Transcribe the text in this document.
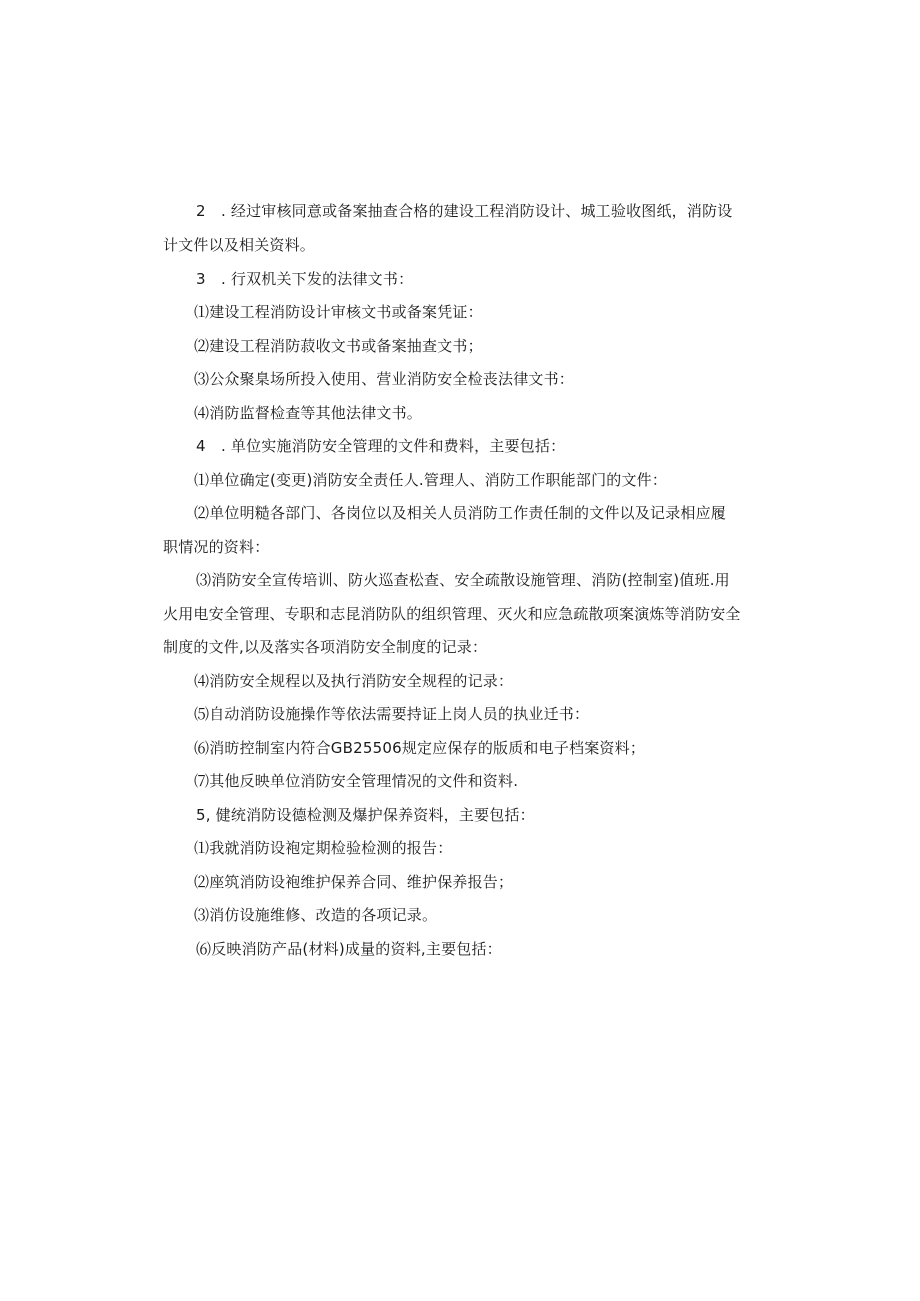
2　. 经过审核同意或备案抽查合格的建设工程消防设计、城工验收图纸，消防设
计文件以及相关资料。
3　. 行双机关下发的法律文书：
⑴建设工程消防设计审核文书或备案凭证：
⑵建设工程消防菽收文书或备案抽查文书；
⑶公众聚臬场所投入使用、营业消防安全检丧法律文书：
⑷消防监督检查等其他法律文书。
4　. 单位实施消防安全管理的文件和费料，主要包括：
⑴单位确定(变更)消防安全责任人.管理人、消防工作职能部门的文件：
⑵单位明糙各部门、各岗位以及相关人员消防工作责任制的文件以及记录相应履
职情况的资料：
⑶消防安全宣传培训、防火巡查松查、安全疏散设施管理、消防(控制室)值班.用
火用电安全管理、专职和志昆消防队的组织管理、灭火和应急疏散项案演炼等消防安全
制度的文件,以及落实各项消防安全制度的记录：
⑷消防安全规程以及执行消防安全规程的记录：
⑸自动消防设施操作等依法需要持证上岗人员的执业迁书：
⑹消昉控制室内符合GB25506规定应保存的版质和电子档案资料；
⑺其他反映单位消防安全管理情况的文件和资料.
5, 健统消防设德检测及爆护保养资料，主要包括：
⑴我就消防设袍定期检验检测的报告：
⑵座筑消防设袍维护保养合同、维护保养报告；
⑶消仿设施维修、改造的各项记录。
⑹反映消防产品(材料)成量的资料,主要包括：
